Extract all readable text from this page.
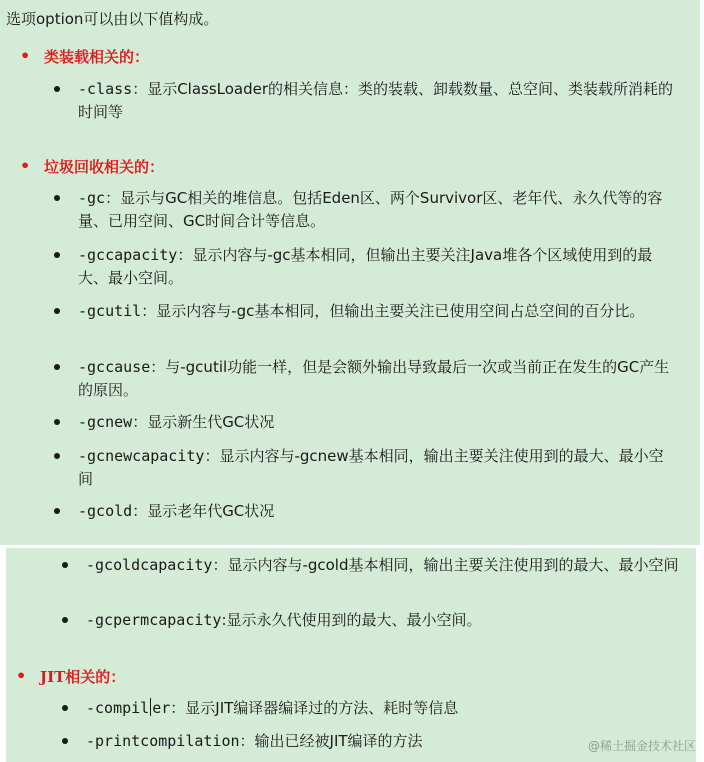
选项option可以由以下值构成。
• 类装载相关的：
-class：显示ClassLoader的相关信息：类的装载、卸载数量、总空间、类装载所消耗的时间等
• 垃圾回收相关的：
-gc：显示与GC相关的堆信息。包括Eden区、两个Survivor区、老年代、永久代等的容量、已用空间、GC时间合计等信息。
-gccapacity：显示内容与-gc基本相同，但输出主要关注Java堆各个区域使用到的最大、最小空间。
-gcutil：显示内容与-gc基本相同，但输出主要关注已使用空间占总空间的百分比。
-gccause：与-gcutil功能一样，但是会额外输出导致最后一次或当前正在发生的GC产生的原因。
-gcnew：显示新生代GC状况
-gcnewcapacity：显示内容与-gcnew基本相同，输出主要关注使用到的最大、最小空间
-gcold：显示老年代GC状况
-gcoldcapacity：显示内容与-gcold基本相同，输出主要关注使用到的最大、最小空间
-gcpermcapacity:显示永久代使用到的最大、最小空间。
• JIT相关的：
-compil er：显示JIT编译器编译过的方法、耗时等信息
-printcompilation：输出已经被JIT编译的方法	@稀土掘金技术社区
